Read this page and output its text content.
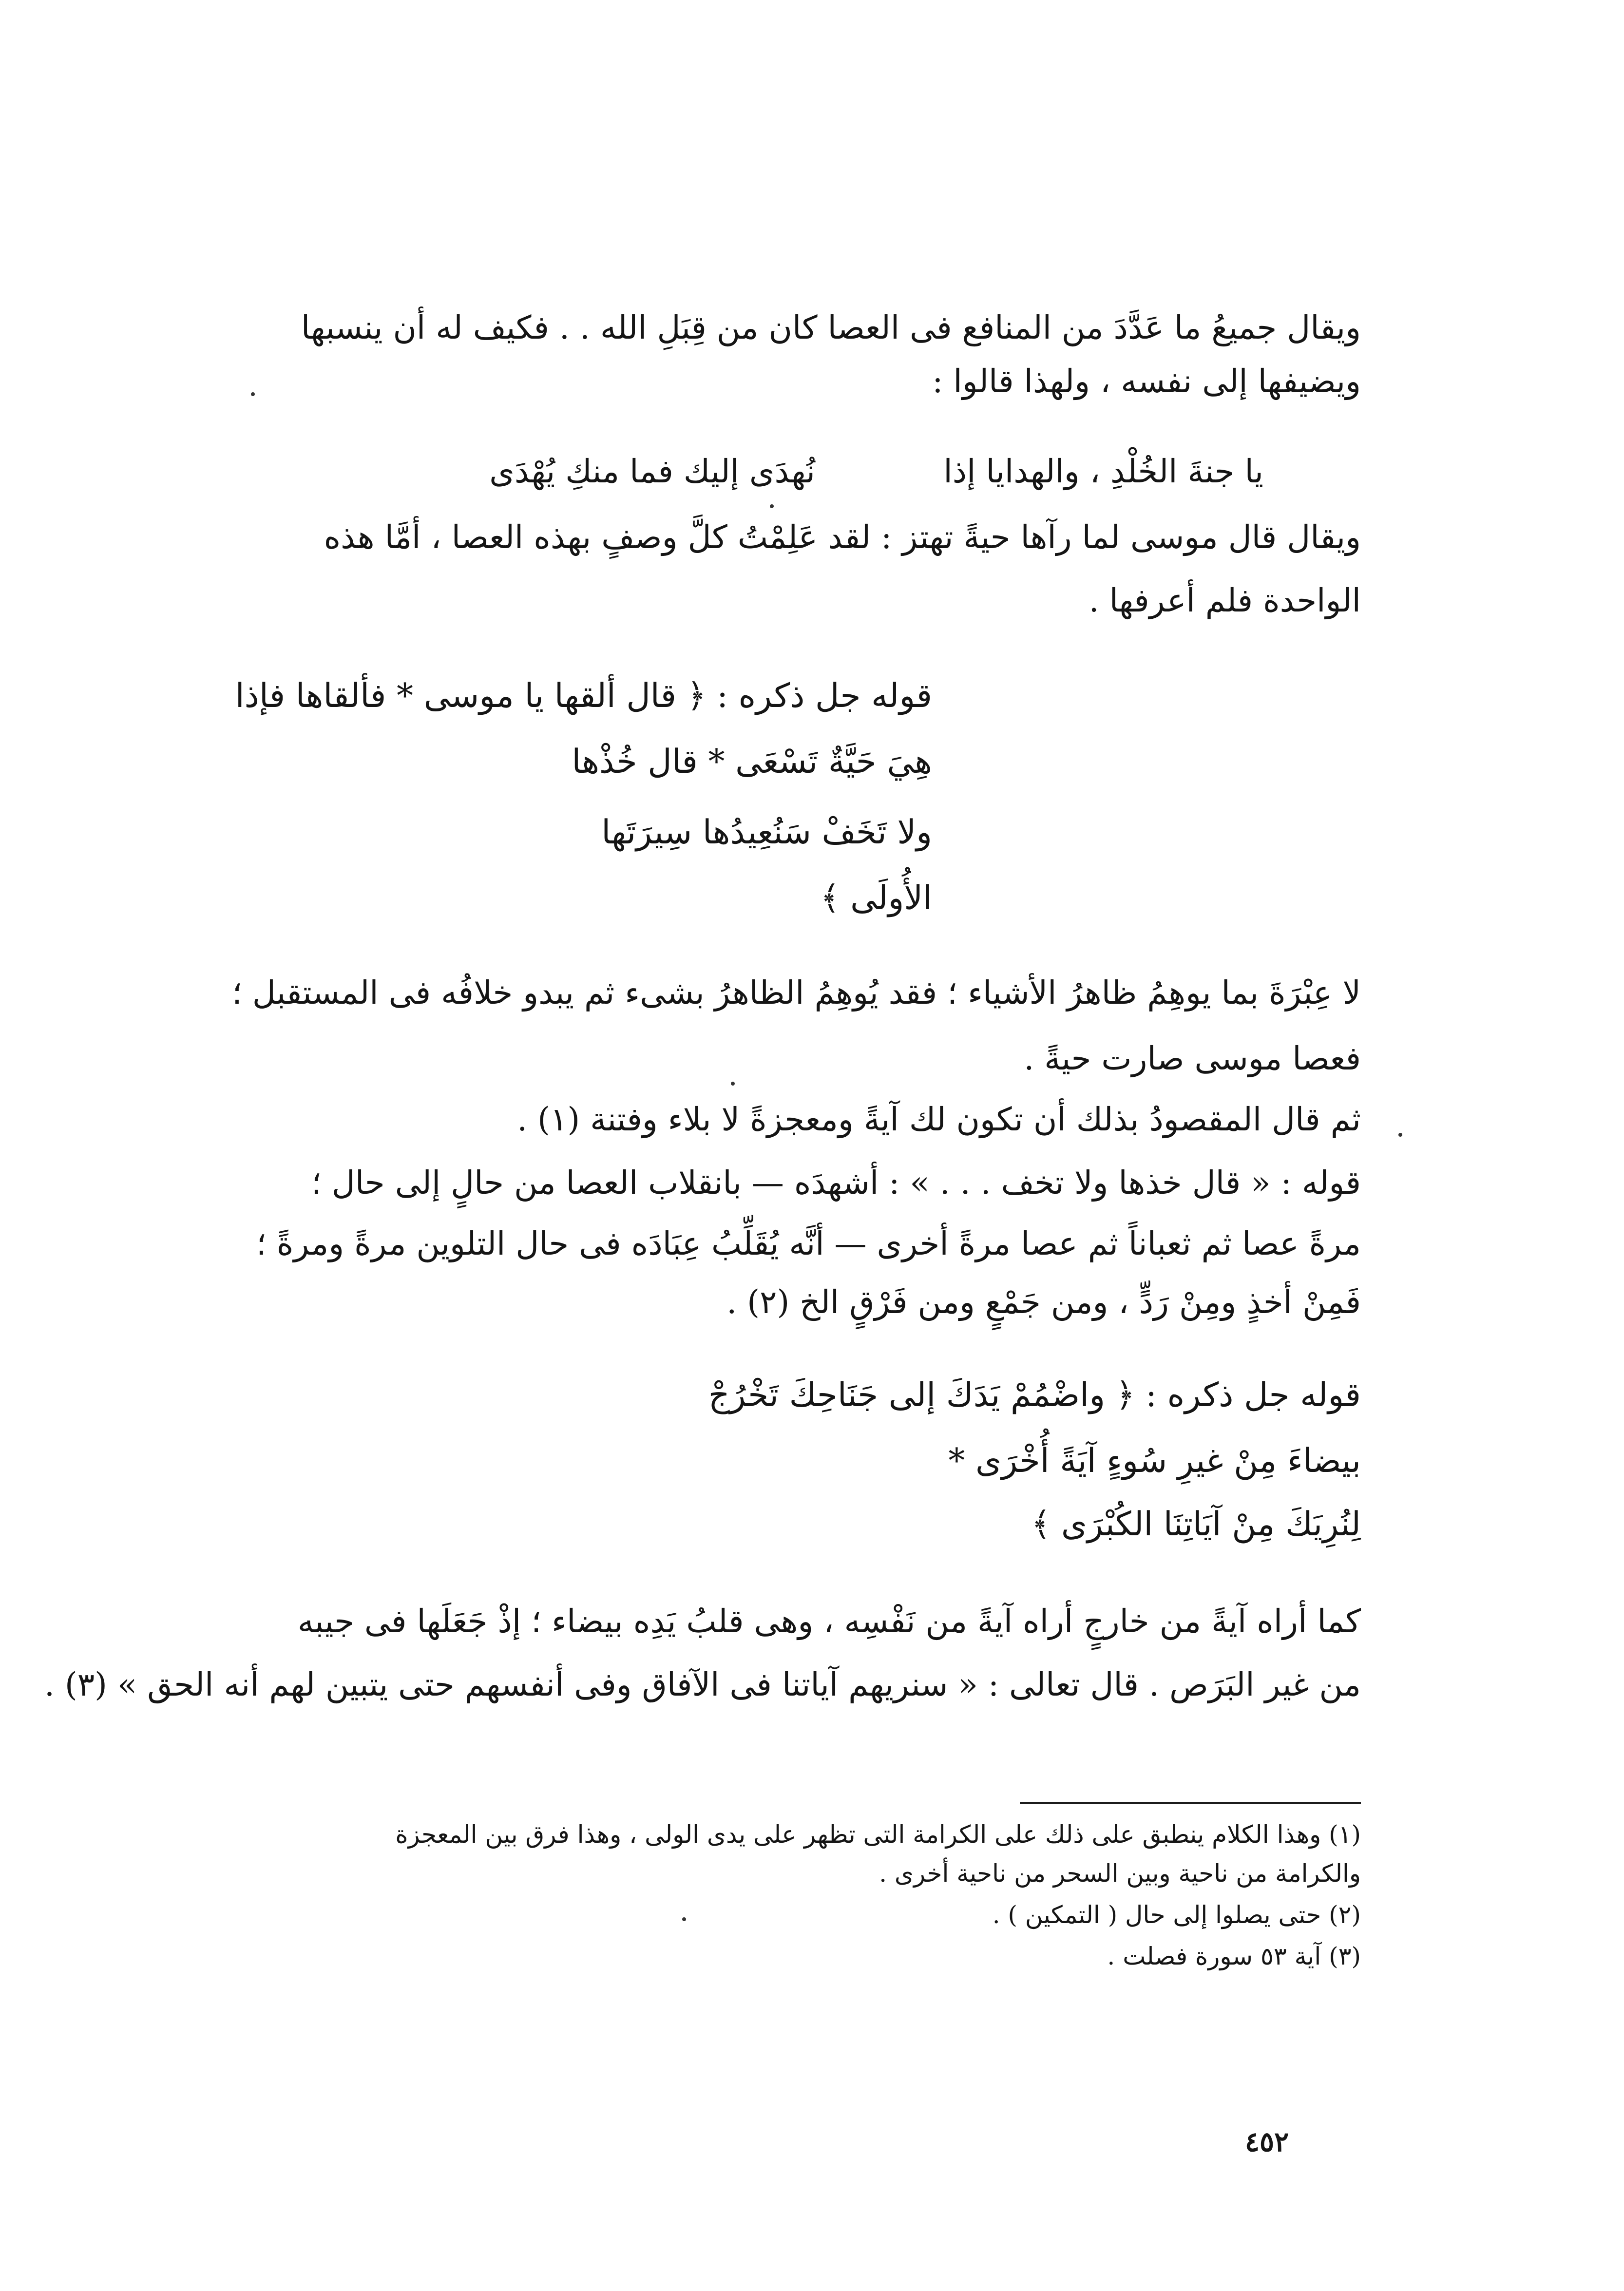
ويقال جميعُ ما عَدَّدَ من المنافع فى العصا كان من قِبَلِ الله . . فكيف له أن ينسبها
ويضيفها إلى نفسه ، ولهذا قالوا :
يا جنةَ الخُلْدِ ، والهدايا إذا
نُهدَى إليك فما منكِ يُهْدَى
ويقال قال موسى لما رآها حيةً تهتز : لقد عَلِمْتُ كلَّ وصفٍ بهذه العصا ، أمَّا هذه
الواحدة فلم أعرفها .
قوله جل ذكره : ﴿ قال ألقها يا موسى * فألقاها فإذا
هِيَ حَيَّةٌ تَسْعَى * قال خُذْها
ولا تَخَفْ سَنُعِيدُها سِيرَتَها
الأُولَى ﴾
لا عِبْرَةَ بما يوهِمُ ظاهرُ الأشياء ؛ فقد يُوهِمُ الظاهرُ بشىء ثم يبدو خلافُه فى المستقبل ؛
فعصا موسى صارت حيةً .
ثم قال المقصودُ بذلك أن تكون لك آيةً ومعجزةً لا بلاء وفتنة (١) .
قوله : « قال خذها ولا تخف . . . » : أشهدَه — بانقلاب العصا من حالٍ إلى حال ؛
مرةً عصا ثم ثعباناً ثم عصا مرةً أخرى — أنَّه يُقَلِّبُ عِبَادَه فى حال التلوين مرةً ومرةً ؛
فَمِنْ أخذٍ ومِنْ رَدٍّ ، ومن جَمْعٍ ومن فَرْقٍ الخ (٢) .
قوله جل ذكره : ﴿ واضْمُمْ يَدَكَ إلى جَنَاحِكَ تَخْرُجْ
بيضاءَ مِنْ غيرِ سُوءٍ آيَةً أُخْرَى *
لِنُرِيَكَ مِنْ آيَاتِنَا الكُبْرَى ﴾
كما أراه آيةً من خارجٍ أراه آيةً من نَفْسِه ، وهى قلبُ يَدِه بيضاء ؛ إذْ جَعَلَها فى جيبه
من غير البَرَص . قال تعالى : « سنريهم آياتنا فى الآفاق وفى أنفسهم حتى يتبين لهم أنه الحق » (٣) .
(١) وهذا الكلام ينطبق على ذلك على الكرامة التى تظهر على يدى الولى ، وهذا فرق بين المعجزة
والكرامة من ناحية وبين السحر من ناحية أخرى .
(٢) حتى يصلوا إلى حال ( التمكين ) .
(٣) آية ٥٣ سورة فصلت .
٤٥٢
